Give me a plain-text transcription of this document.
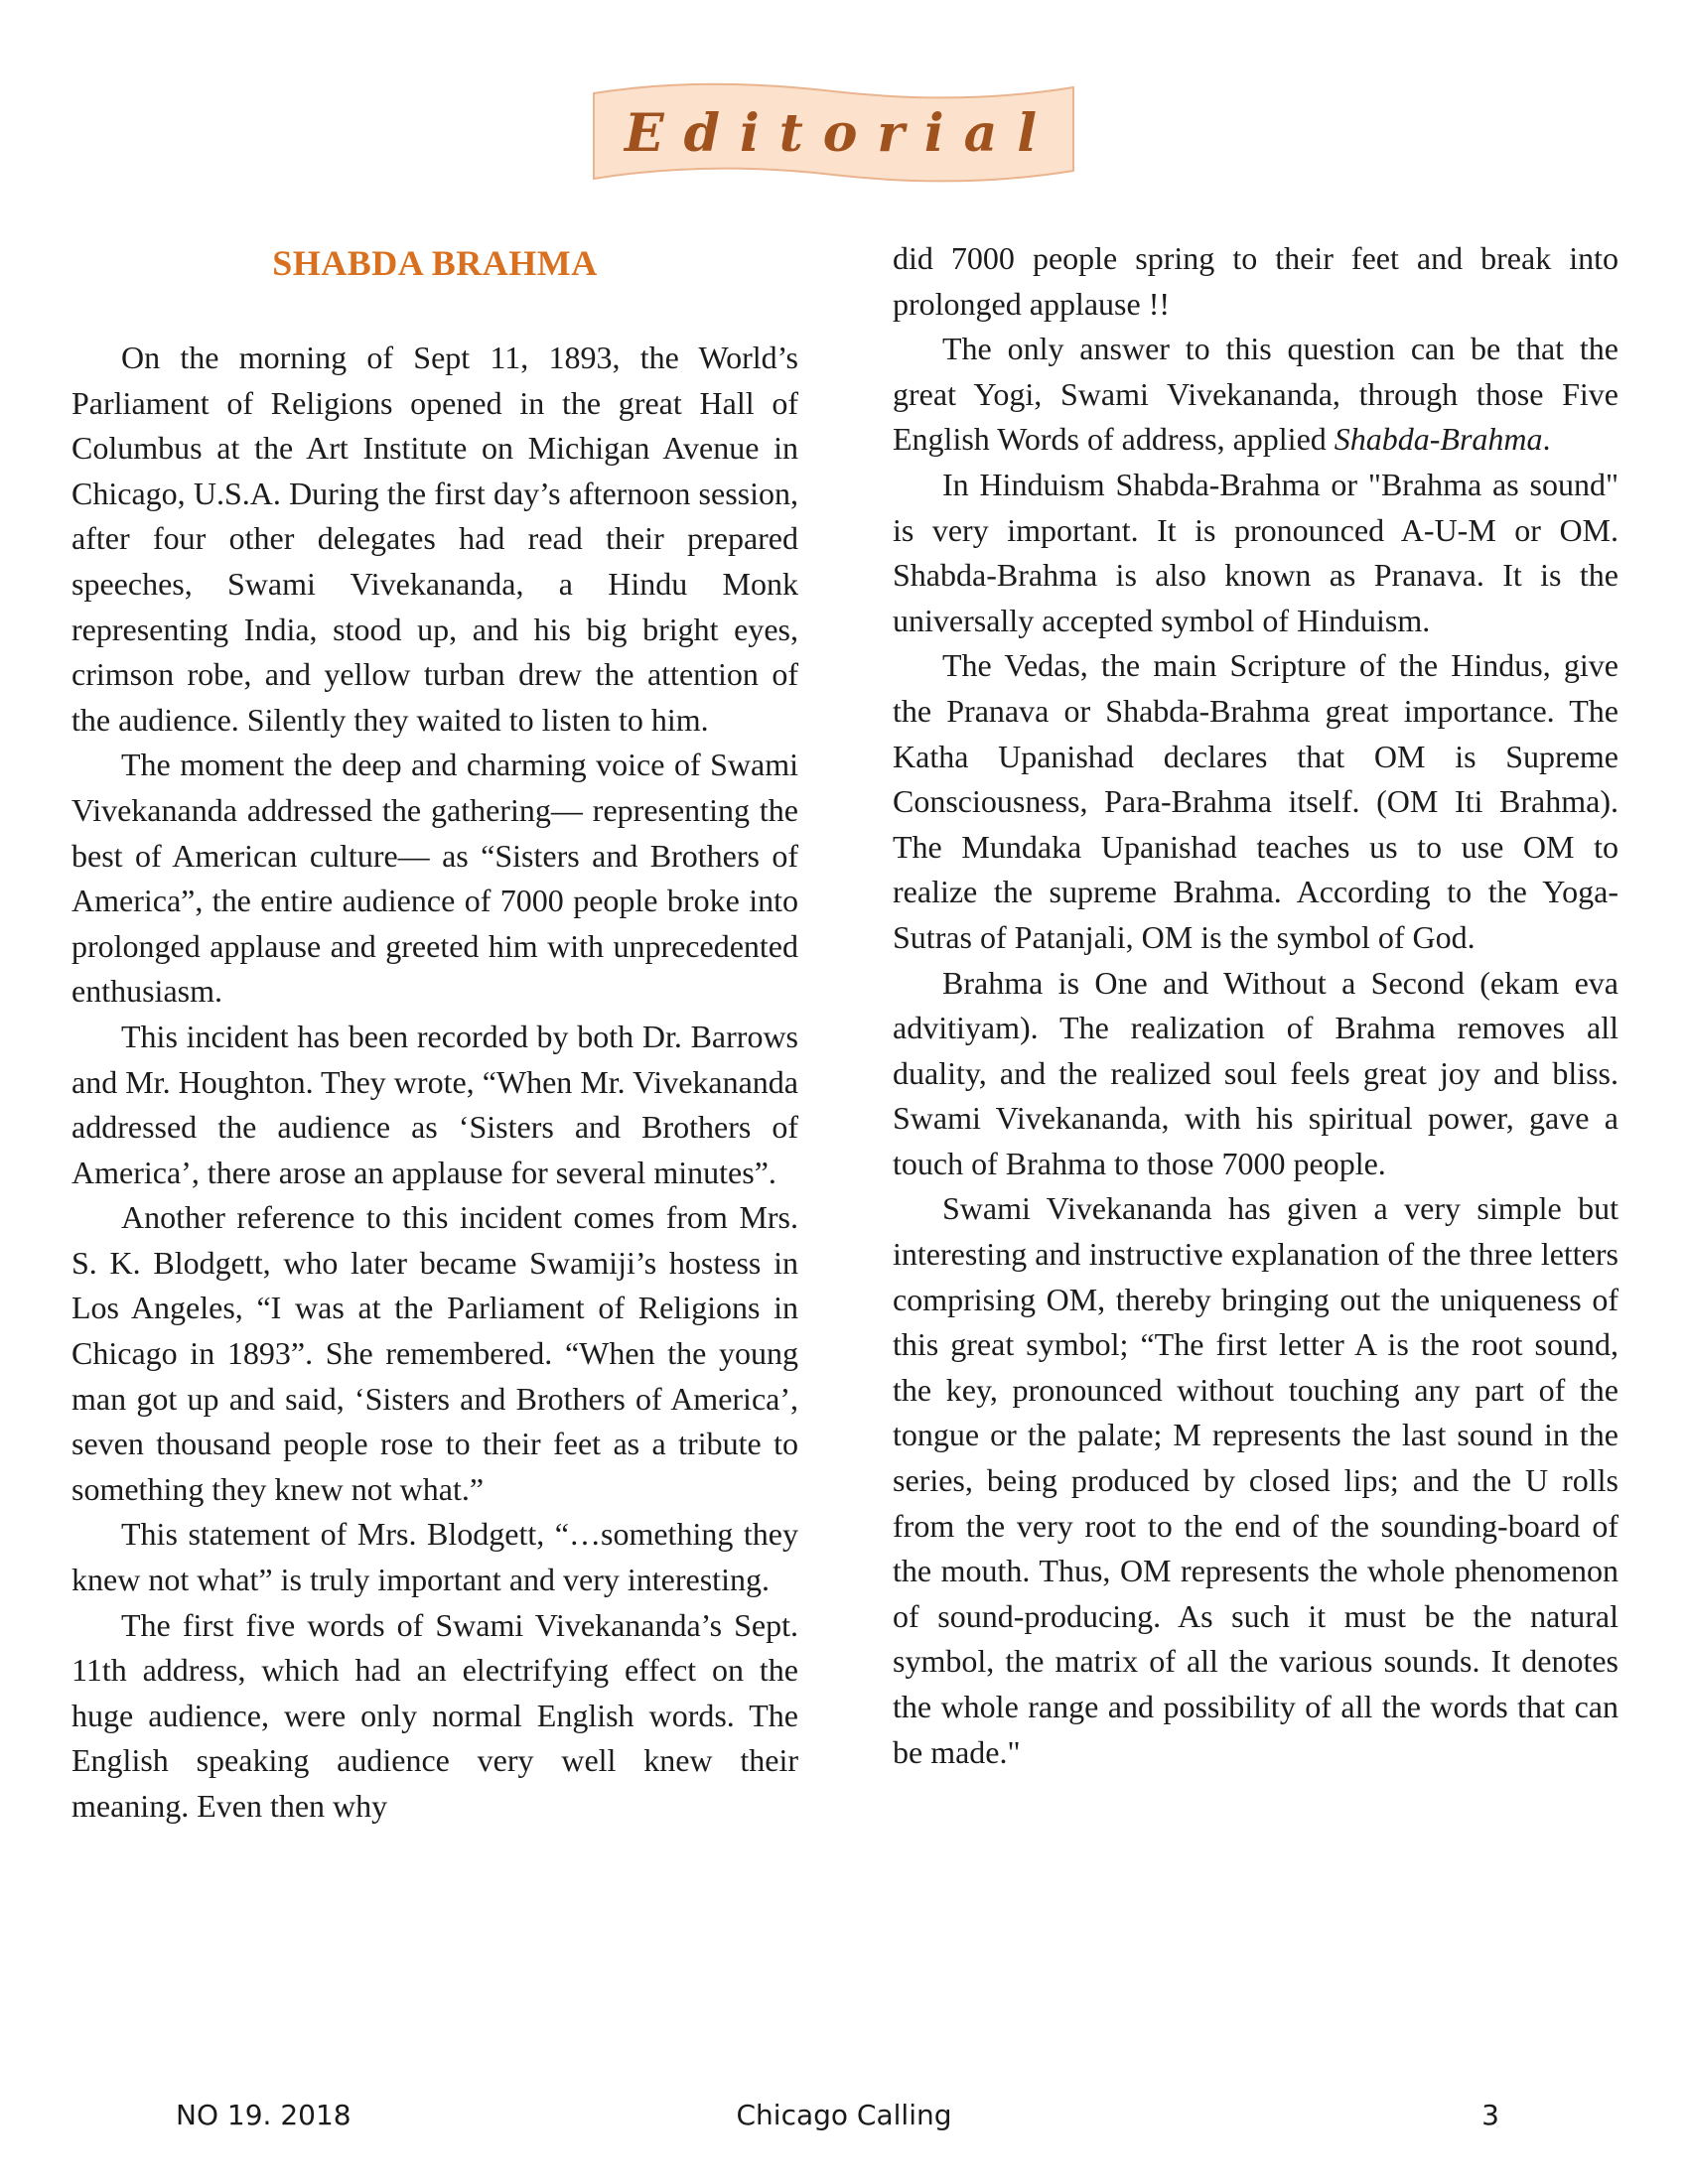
Editorial
SHABDA BRAHMA

On the morning of Sept 11, 1893, the World’s Parliament of Religions opened in the great Hall of Columbus at the Art Institute on Michigan Avenue in Chicago, U.S.A. During the first day’s afternoon session, after four other delegates had read their prepared speeches, Swami Vivekananda, a Hindu Monk representing India, stood up, and his big bright eyes, crimson robe, and yellow turban drew the attention of the audience. Silently they waited to listen to him.

The moment the deep and charming voice of Swami Vivekananda addressed the gathering— representing the best of American culture— as “Sisters and Brothers of America”, the entire audience of 7000 people broke into prolonged applause and greeted him with unprecedented enthusiasm.

This incident has been recorded by both Dr. Barrows and Mr. Houghton. They wrote, “When Mr. Vivekananda addressed the audience as ‘Sisters and Brothers of America’, there arose an applause for several minutes”.

Another reference to this incident comes from Mrs. S. K. Blodgett, who later became Swamiji’s hostess in Los Angeles, “I was at the Parliament of Religions in Chicago in 1893”. She remembered. “When the young man got up and said, ‘Sisters and Brothers of America’, seven thousand people rose to their feet as a tribute to something they knew not what.”

This statement of Mrs. Blodgett, “…something they knew not what” is truly important and very interesting.

The first five words of Swami Vivekananda’s Sept. 11th address, which had an electrifying effect on the huge audience, were only normal English words. The English speaking audience very well knew their meaning. Even then why

did 7000 people spring to their feet and break into prolonged applause !!

The only answer to this question can be that the great Yogi, Swami Vivekananda, through those Five English Words of address, applied Shabda-Brahma.

In Hinduism Shabda-Brahma or "Brahma as sound" is very important. It is pronounced A-U-M or OM. Shabda-Brahma is also known as Pranava. It is the universally accepted symbol of Hinduism.

The Vedas, the main Scripture of the Hindus, give the Pranava or Shabda-Brahma great importance. The Katha Upanishad declares that OM is Supreme Consciousness, Para-Brahma itself. (OM Iti Brahma). The Mundaka Upanishad teaches us to use OM to realize the supreme Brahma. According to the Yoga-Sutras of Patanjali, OM is the symbol of God.

Brahma is One and Without a Second (ekam eva advitiyam). The realization of Brahma removes all duality, and the realized soul feels great joy and bliss. Swami Vivekananda, with his spiritual power, gave a touch of Brahma to those 7000 people.

Swami Vivekananda has given a very simple but interesting and instructive explanation of the three letters comprising OM, thereby bringing out the uniqueness of this great symbol; “The first letter A is the root sound, the key, pronounced without touching any part of the tongue or the palate; M represents the last sound in the series, being produced by closed lips; and the U rolls from the very root to the end of the sounding-board of the mouth. Thus, OM represents the whole phenomenon of sound-producing. As such it must be the natural symbol, the matrix of all the various sounds. It denotes the whole range and possibility of all the words that can be made."

NO 19. 2018	Chicago Calling	3
